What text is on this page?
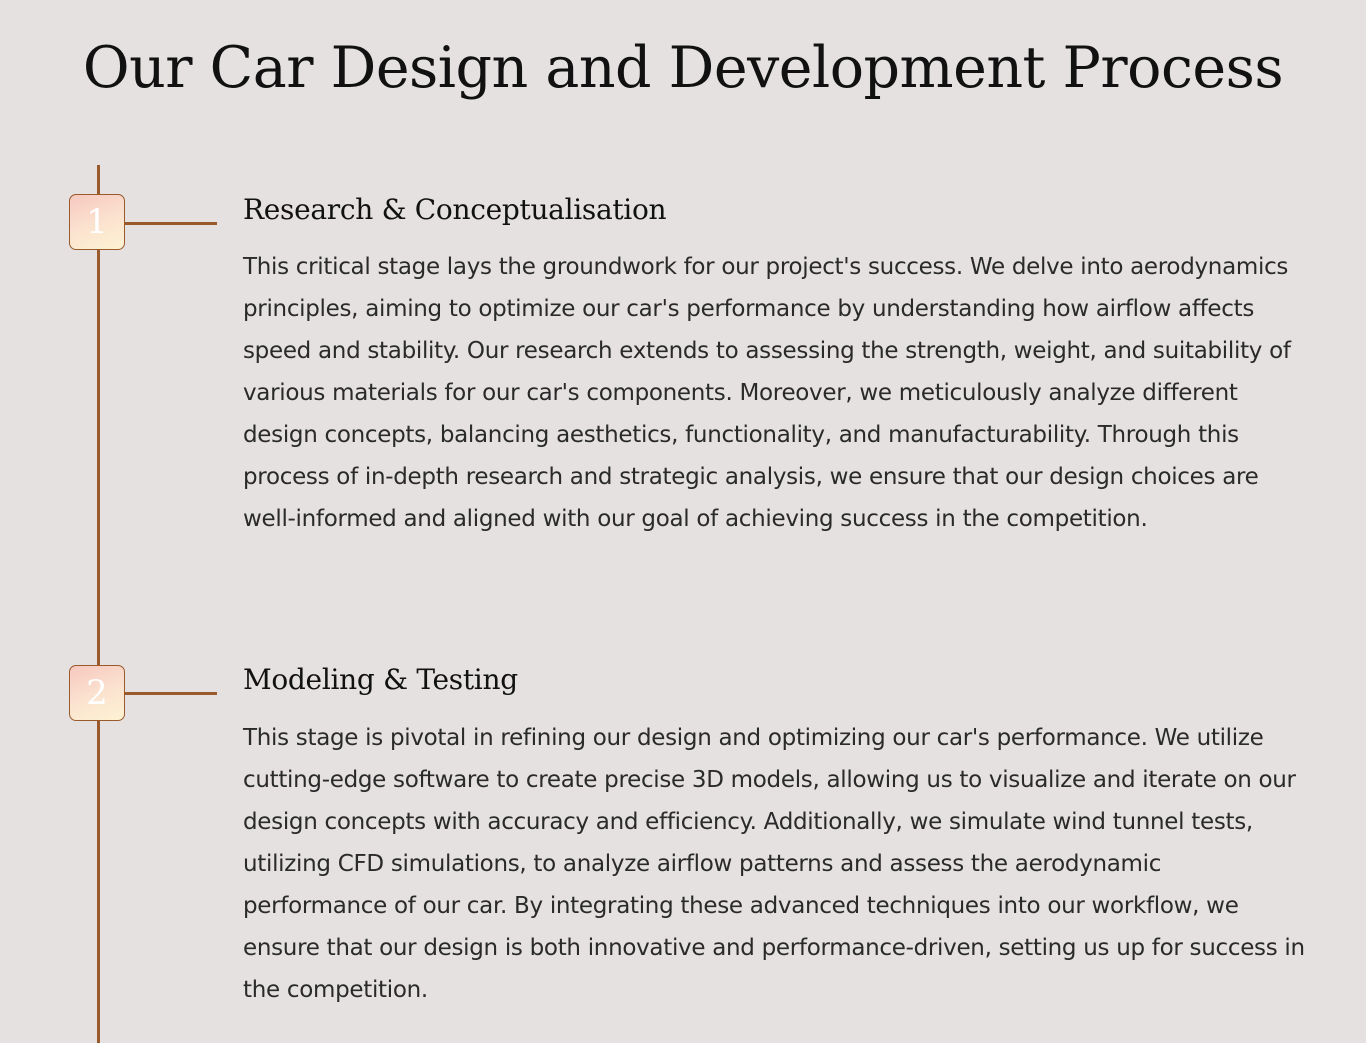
Our Car Design and Development Process
1	Research & Conceptualisation

This critical stage lays the groundwork for our project's success. We delve into aerodynamics principles, aiming to optimize our car's performance by understanding how airflow affects speed and stability. Our research extends to assessing the strength, weight, and suitability of various materials for our car's components. Moreover, we meticulously analyze different design concepts, balancing aesthetics, functionality, and manufacturability. Through this process of in-depth research and strategic analysis, we ensure that our design choices are well-informed and aligned with our goal of achieving success in the competition.

2	Modeling & Testing

This stage is pivotal in refining our design and optimizing our car's performance. We utilize cutting-edge software to create precise 3D models, allowing us to visualize and iterate on our design concepts with accuracy and efficiency. Additionally, we simulate wind tunnel tests, utilizing CFD simulations, to analyze airflow patterns and assess the aerodynamic performance of our car. By integrating these advanced techniques into our workflow, we ensure that our design is both innovative and performance-driven, setting us up for success in the competition.
